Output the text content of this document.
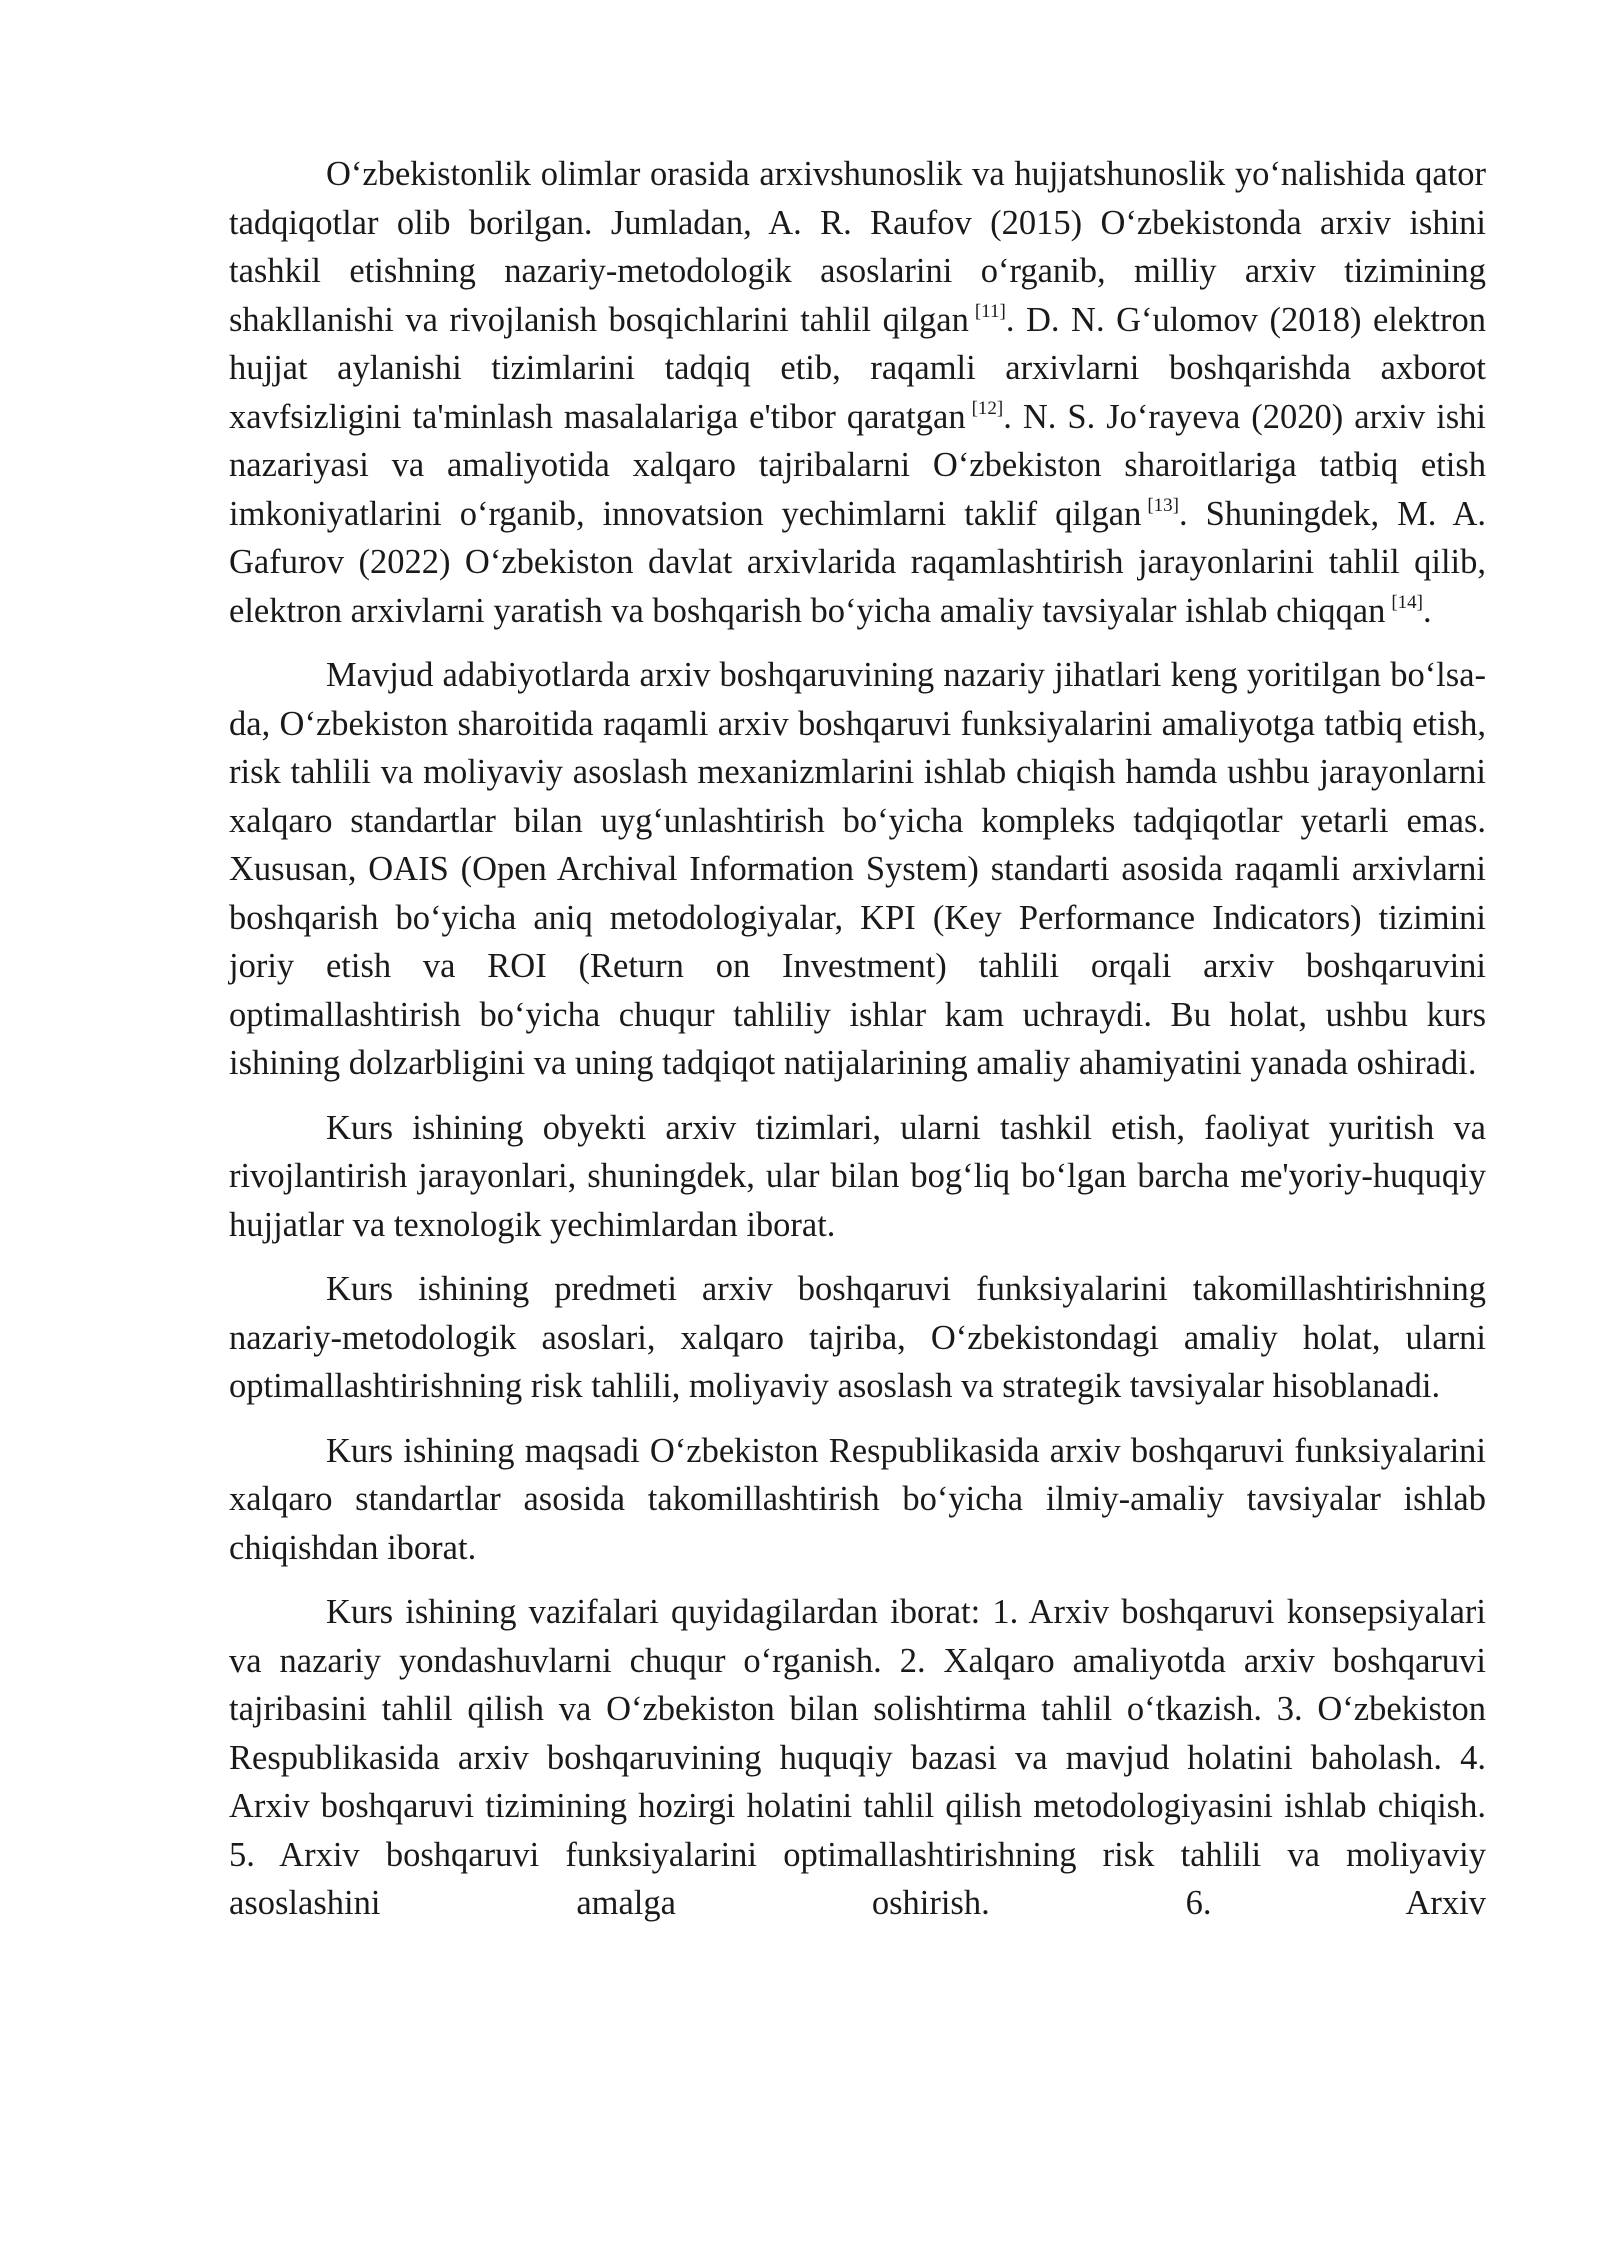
O‘zbekistonlik olimlar orasida arxivshunoslik va hujjatshunoslik yo‘nalishida qator tadqiqotlar olib borilgan. Jumladan, A. R. Raufov (2015) O‘zbekistonda arxiv ishini tashkil etishning nazariy-metodologik asoslarini o‘rganib, milliy arxiv tizimining shakllanishi va rivojlanish bosqichlarini tahlil qilgan [11]. D. N. G‘ulomov (2018) elektron hujjat aylanishi tizimlarini tadqiq etib, raqamli arxivlarni boshqarishda axborot xavfsizligini ta'minlash masalalariga e'tibor qaratgan [12]. N. S. Jo‘rayeva (2020) arxiv ishi nazariyasi va amaliyotida xalqaro tajribalarni O‘zbekiston sharoitlariga tatbiq etish imkoniyatlarini o‘rganib, innovatsion yechimlarni taklif qilgan [13]. Shuningdek, M. A. Gafurov (2022) O‘zbekiston davlat arxivlarida raqamlashtirish jarayonlarini tahlil qilib, elektron arxivlarni yaratish va boshqarish bo‘yicha amaliy tavsiyalar ishlab chiqqan [14].

Mavjud adabiyotlarda arxiv boshqaruvining nazariy jihatlari keng yoritilgan bo‘lsa-da, O‘zbekiston sharoitida raqamli arxiv boshqaruvi funksiyalarini amaliyotga tatbiq etish, risk tahlili va moliyaviy asoslash mexanizmlarini ishlab chiqish hamda ushbu jarayonlarni xalqaro standartlar bilan uyg‘unlashtirish bo‘yicha kompleks tadqiqotlar yetarli emas. Xususan, OAIS (Open Archival Information System) standarti asosida raqamli arxivlarni boshqarish bo‘yicha aniq metodologiyalar, KPI (Key Performance Indicators) tizimini joriy etish va ROI (Return on Investment) tahlili orqali arxiv boshqaruvini optimallashtirish bo‘yicha chuqur tahliliy ishlar kam uchraydi. Bu holat, ushbu kurs ishining dolzarbligini va uning tadqiqot natijalarining amaliy ahamiyatini yanada oshiradi.

Kurs ishining obyekti arxiv tizimlari, ularni tashkil etish, faoliyat yuritish va rivojlantirish jarayonlari, shuningdek, ular bilan bog‘liq bo‘lgan barcha me'yoriy-huquqiy hujjatlar va texnologik yechimlardan iborat.

Kurs ishining predmeti arxiv boshqaruvi funksiyalarini takomillashtirishning nazariy-metodologik asoslari, xalqaro tajriba, O‘zbekistondagi amaliy holat, ularni optimallashtirishning risk tahlili, moliyaviy asoslash va strategik tavsiyalar hisoblanadi.

Kurs ishining maqsadi O‘zbekiston Respublikasida arxiv boshqaruvi funksiyalarini xalqaro standartlar asosida takomillashtirish bo‘yicha ilmiy-amaliy tavsiyalar ishlab chiqishdan iborat.

Kurs ishining vazifalari quyidagilardan iborat: 1. Arxiv boshqaruvi konsepsiyalari va nazariy yondashuvlarni chuqur o‘rganish. 2. Xalqaro amaliyotda arxiv boshqaruvi tajribasini tahlil qilish va O‘zbekiston bilan solishtirma tahlil o‘tkazish. 3. O‘zbekiston Respublikasida arxiv boshqaruvining huquqiy bazasi va mavjud holatini baholash. 4. Arxiv boshqaruvi tizimining hozirgi holatini tahlil qilish metodologiyasini ishlab chiqish. 5. Arxiv boshqaruvi funksiyalarini optimallashtirishning risk tahlili va moliyaviy asoslashini amalga oshirish. 6. Arxiv
